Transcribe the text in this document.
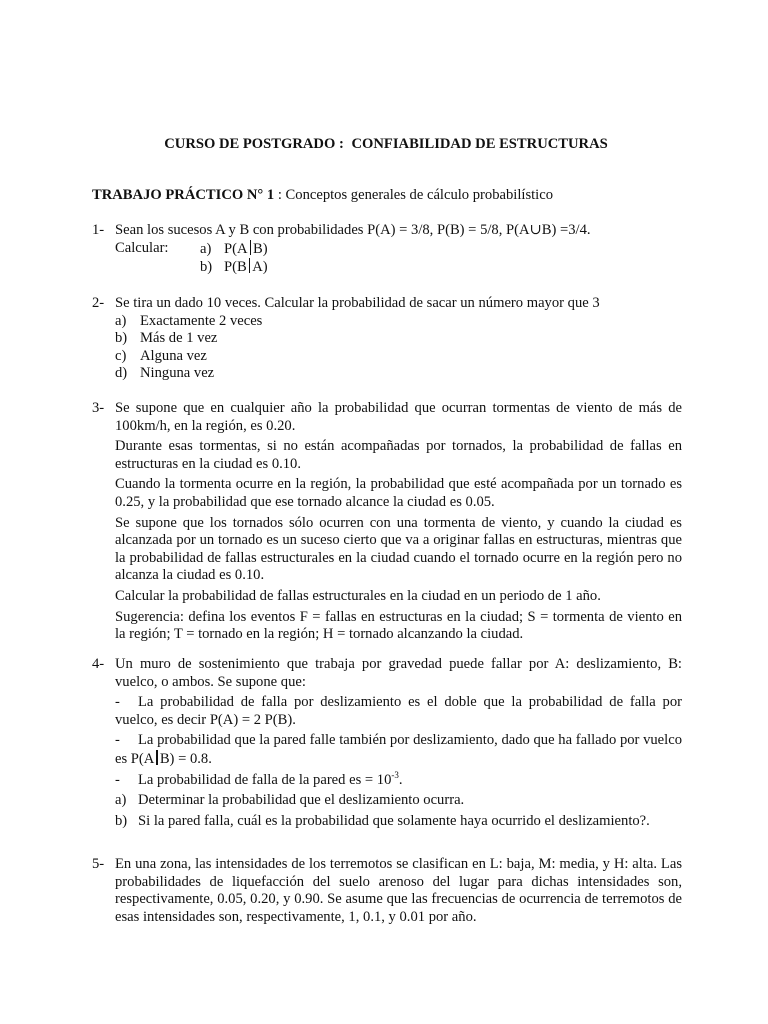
CURSO DE POSTGRADO : CONFIABILIDAD DE ESTRUCTURAS
TRABAJO PRÁCTICO N° 1 : Conceptos generales de cálculo probabilístico
1- Sean los sucesos A y B con probabilidades P(A) = 3/8, P(B) = 5/8, P(A∪B) =3/4.

Calcular:	a) P(A B)
b) P(B A)
2- Se tira un dado 10 veces. Calcular la probabilidad de sacar un número mayor que 3

a) Exactamente 2 veces
b) Más de 1 vez
c) Alguna vez
d) Ninguna vez
3- Se supone que en cualquier año la probabilidad que ocurran tormentas de viento de más de 100km/h, en la región, es 0.20.

Durante esas tormentas, si no están acompañadas por tornados, la probabilidad de fallas en estructuras en la ciudad es 0.10.

Cuando la tormenta ocurre en la región, la probabilidad que esté acompañada por un tornado es 0.25, y la probabilidad que ese tornado alcance la ciudad es 0.05.

Se supone que los tornados sólo ocurren con una tormenta de viento, y cuando la ciudad es alcanzada por un tornado es un suceso cierto que va a originar fallas en estructuras, mientras que la probabilidad de fallas estructurales en la ciudad cuando el tornado ocurre en la región pero no alcanza la ciudad es 0.10.

Calcular la probabilidad de fallas estructurales en la ciudad en un periodo de 1 año.

Sugerencia: defina los eventos F = fallas en estructuras en la ciudad; S = tormenta de viento en la región; T = tornado en la región; H = tornado alcanzando la ciudad.

4- Un muro de sostenimiento que trabaja por gravedad puede fallar por A: deslizamiento, B: vuelco, o ambos. Se supone que:

- La probabilidad de falla por deslizamiento es el doble que la probabilidad de falla por vuelco, es decir P(A) = 2 P(B).

- La probabilidad que la pared falle también por deslizamiento, dado que ha fallado por vuelco es P(A B) = 0.8.

- La probabilidad de falla de la pared es = $10^{-3}$.

a) Determinar la probabilidad que el deslizamiento ocurra.

b) Si la pared falla, cuál es la probabilidad que solamente haya ocurrido el deslizamiento?.

5- En una zona, las intensidades de los terremotos se clasifican en L: baja, M: media, y H: alta. Las probabilidades de liquefacción del suelo arenoso del lugar para dichas intensidades son, respectivamente, 0.05, 0.20, y 0.90. Se asume que las frecuencias de ocurrencia de terremotos de esas intensidades son, respectivamente, 1, 0.1, y 0.01 por año.
